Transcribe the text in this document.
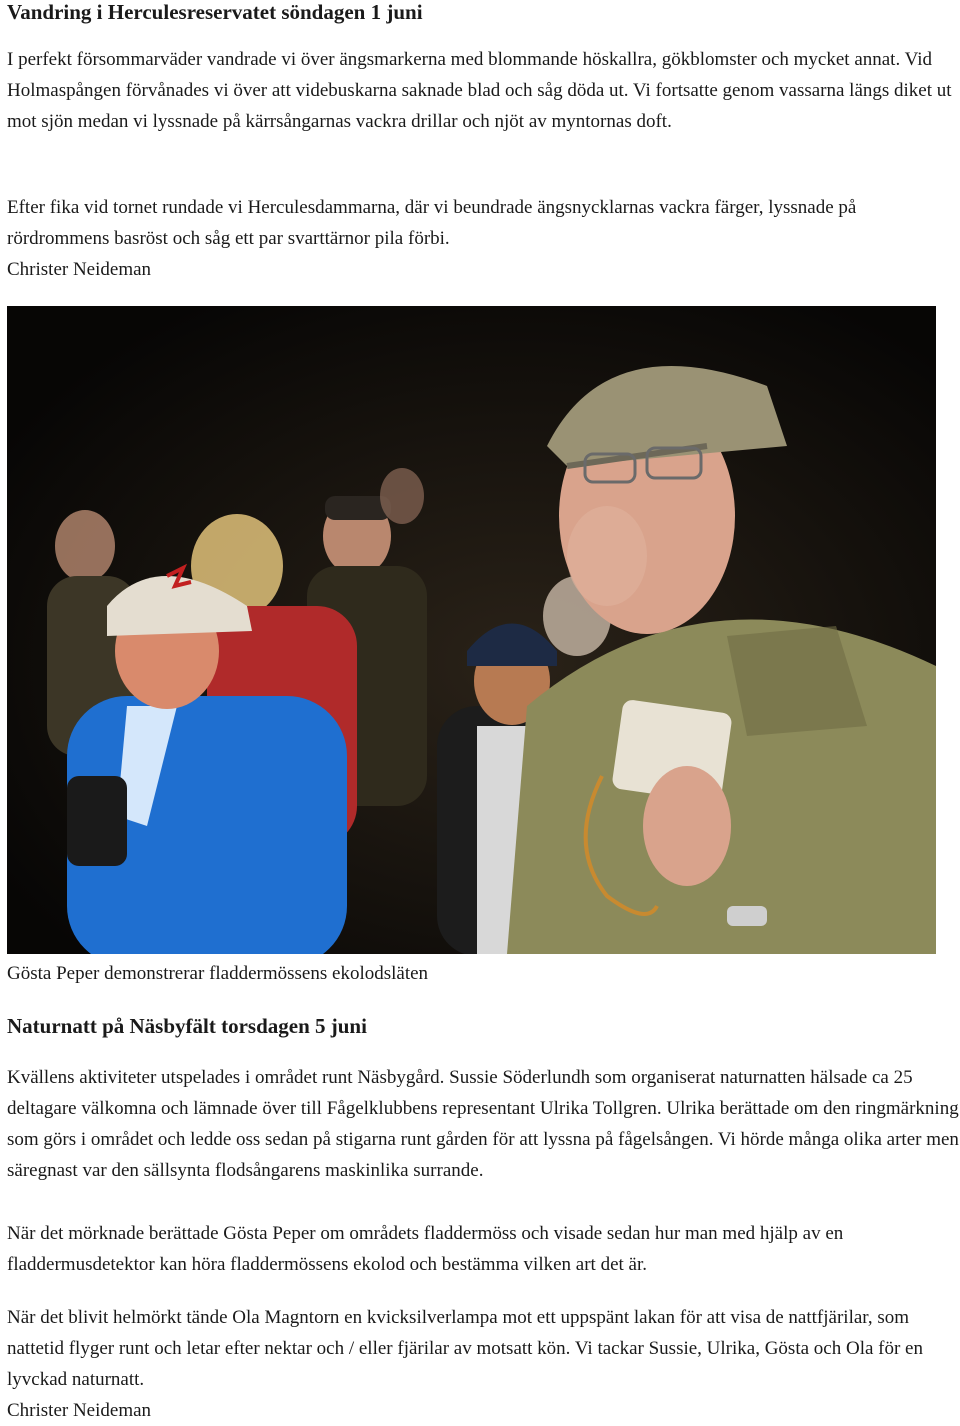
Vandring i Herculesreservatet söndagen 1 juni

I perfekt försommarväder vandrade vi över ängsmarkerna med blommande höskallra, gökblomster och mycket annat. Vid Holmaspången förvånades vi över att videbuskarna saknade blad och såg döda ut. Vi fortsatte genom vassarna längs diket ut mot sjön medan vi lyssnade på kärrsångarnas vackra drillar och njöt av myntornas doft.

Efter fika vid tornet rundade vi Herculesdammarna, där vi beundrade ängsnycklarnas vackra färger, lyssnade på rördrommens basröst och såg ett par svarttärnor pila förbi.

Christer Neideman

Gösta Peper demonstrerar fladdermössens ekolodsläten

Naturnatt på Näsbyfält torsdagen 5 juni

Kvällens aktiviteter utspelades i området runt Näsbygård. Sussie Söderlundh som organiserat naturnatten hälsade ca 25 deltagare välkomna och lämnade över till Fågelklubbens representant Ulrika Tollgren. Ulrika berättade om den ringmärkning som görs i området och ledde oss sedan på stigarna runt gården för att lyssna på fågelsången. Vi hörde många olika arter men säregnast var den sällsynta flodsångarens maskinlika surrande.

När det mörknade berättade Gösta Peper om områdets fladdermöss och visade sedan hur man med hjälp av en fladdermusdetektor kan höra fladdermössens ekolod och bestämma vilken art det är.

När det blivit helmörkt tände Ola Magntorn en kvicksilverlampa mot ett uppspänt lakan för att visa de nattfjärilar, som nattetid flyger runt och letar efter nektar och / eller fjärilar av motsatt kön. Vi tackar Sussie, Ulrika, Gösta och Ola för en lyvckad naturnatt.

Christer Neideman
